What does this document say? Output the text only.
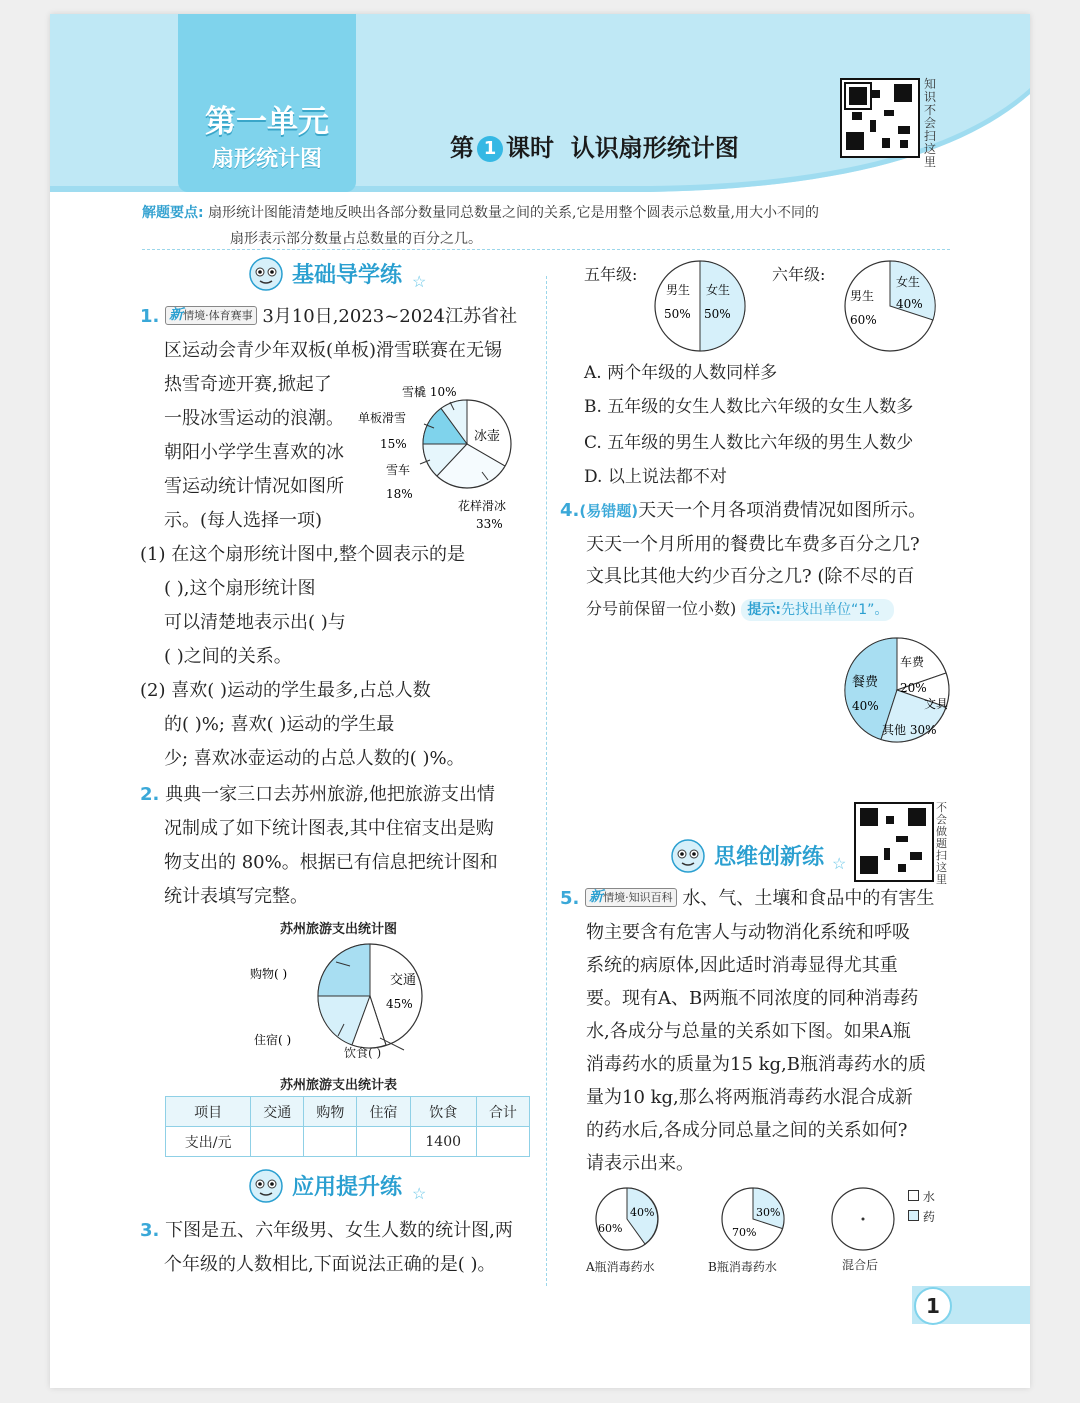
第一单元
扇形统计图	第 1 课时 认识扇形统计图
知识不会扫这里
解题要点: 扇形统计图能清楚地反映出各部分数量同总数量之间的关系,它是用整个圆表示总数量,用大小不同的
扇形表示部分数量占总数量的百分之几。
基础导学练 ☆
1. 新情境·体育赛事 3月10日,2023~2024江苏省社
区运动会青少年双板(单板)滑雪联赛在无锡
热雪奇迹开赛,掀起了
一股冰雪运动的浪潮。
朝阳小学学生喜欢的冰
雪运动统计情况如图所
示。(每人选择一项)
雪橇 10%
单板滑雪
15%
雪车
18%
冰壶
花样滑冰
33%
(1) 在这个扇形统计图中,整个圆表示的是
( ),这个扇形统计图
可以清楚地表示出( )与
( )之间的关系。
(2) 喜欢( )运动的学生最多,占总人数
的( )%; 喜欢( )运动的学生最
少; 喜欢冰壶运动的占总人数的( )%。
2. 典典一家三口去苏州旅游,他把旅游支出情
况制成了如下统计图表,其中住宿支出是购
物支出的 80%。根据已有信息把统计图和
统计表填写完整。
苏州旅游支出统计图
购物( )	交通
45%
住宿( )
饮食( )
苏州旅游支出统计表
项目	交通	购物	住宿	饮食	合计
支出/元				1400	
应用提升练 ☆
3. 下图是五、六年级男、女生人数的统计图,两
个年级的人数相比,下面说法正确的是( )。
五年级:	六年级:
男生
50%
女生
50%
男生
60%
女生
40%
A. 两个年级的人数同样多
B. 五年级的女生人数比六年级的女生人数多
C. 五年级的男生人数比六年级的男生人数少
D. 以上说法都不对
4.(易错题)天天一个月各项消费情况如图所示。
天天一个月所用的餐费比车费多百分之几?
文具比其他大约少百分之几? (除不尽的百
分号前保留一位小数) 提示:先找出单位“1”。
餐费
40%
车费
20%
文具
其他 30%
不会做题扫这里
思维创新练 ☆
5. 新情境·知识百科 水、气、土壤和食品中的有害生
物主要含有危害人与动物消化系统和呼吸
系统的病原体,因此适时消毒显得尤其重
要。现有A、B两瓶不同浓度的同种消毒药
水,各成分与总量的关系如下图。如果A瓶
消毒药水的质量为15 kg,B瓶消毒药水的质
量为10 kg,那么将两瓶消毒药水混合成新
的药水后,各成分同总量之间的关系如何?
请表示出来。
40%
60%
A瓶消毒药水
30%
70%
B瓶消毒药水	混合后
水
药
1
